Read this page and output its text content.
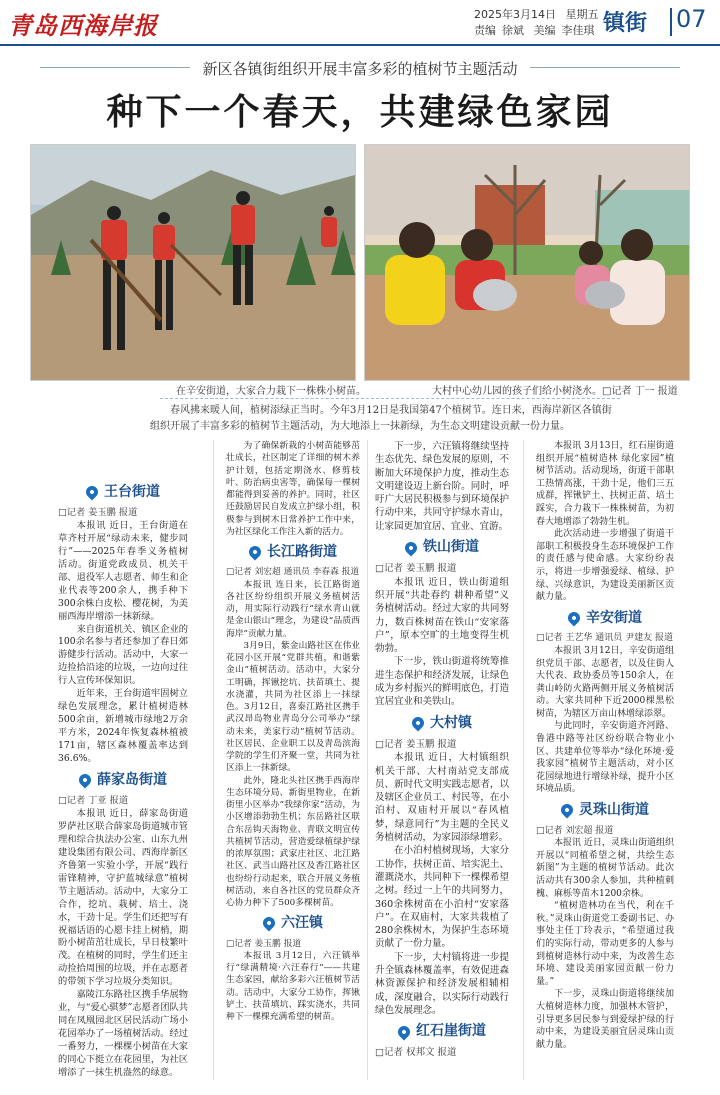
青岛西海岸报	2025年3月14日 星期五
责编 徐斌 美编 李佳琪 镇街 07
新区各镇街组织开展丰富多彩的植树节主题活动
种下一个春天，共建绿色家园
在辛安街道，大家合力栽下一株株小树苗。	大村中心幼儿园的孩子们给小树浇水。□记者 丁一 报道
春风拂来暖人间，植树添绿正当时。今年3月12日是我国第47个植树节。连日来，西海岸新区各镇街组织开展了丰富多彩的植树节主题活动，为大地添上一抹新绿，为生态文明建设贡献一份力量。
王台街道

□记者 姜玉鹏 报道

本报讯 近日，王台街道在草齐村开展“绿动未来，健步同行”——2025年春季义务植树活动。街道党政成员、机关干部、退役军人志愿者、师生和企业代表等200余人，携手种下300余株白皮松、樱花树，为美丽西海岸增添一抹新绿。

来自街道机关、镇区企业的100余名参与者还参加了春日郊游健步行活动。活动中，大家一边捡拾沿途的垃圾，一边向过往行人宣传环保知识。

近年来，王台街道牢固树立绿色发展理念，累计植树造林500余亩，新增城市绿地2万余平方米，2024年恢复森林植被171亩，辖区森林覆盖率达到36.6%。

薛家岛街道

□记者 丁亚 报道

本报讯 近日，薛家岛街道罗萨社区联合薛家岛街道城市管理和综合执法办公室、山东九州建设集团有限公司、西海岸新区齐鲁第一实验小学，开展“践行雷锋精神，守护蓝城绿意”植树节主题活动。活动中，大家分工合作，挖坑、栽树、培土、浇水，干劲十足。学生们还把写有祝福话语的心愿卡挂上树梢，期盼小树苗茁壮成长，早日枝繁叶茂。在植树的同时，学生们还主动捡拾周围的垃圾，并在志愿者的带领下学习垃圾分类知识。

嘉陵江东路社区携手华展物业，与“爱心骐梦”志愿者团队共同在凤凰园北区居民活动广场小花园举办了一场植树活动。经过一番努力，一棵棵小树苗在大家的同心下挺立在花园里，为社区增添了一抹生机盎然的绿意。

为了确保新栽的小树苗能够茁壮成长，社区制定了详细的树木养护计划，包括定期浇水、修剪枝叶、防治病虫害等，确保每一棵树都能得到妥善的养护。同时，社区还鼓励居民自发成立护绿小组，积极参与到树木日常养护工作中来，为社区绿化工作注入新的活力。

长江路街道

□记者 刘宏超 通讯员 李春森 报道

本报讯 连日来，长江路街道各社区纷纷组织开展义务植树活动，用实际行动践行“绿水青山就是金山银山”理念，为建设“品质西海岸”贡献力量。

3月9日，紫金山路社区在伟业花园小区开展“党群共植，和谐紫金山”植树活动。活动中，大家分工明确，挥锹挖坑、扶苗填土、提水浇灌，共同为社区添上一抹绿色。3月12日，喜泰江路社区携手武汉昂岛物业青岛分公司举办“绿动未来，美家行动”植树节活动。社区居民、企业职工以及青岛滨海学院的学生们齐聚一堂，共同为社区添上一抹新绿。

此外，隆北头社区携手西海岸生态环境分局、新街里物业，在新街里小区举办“我绿你家”活动，为小区增添勃勃生机；东岳路社区联合东岳钩天海物业、青联文明宣传共植树节活动，营造爱绿植绿护绿的浓厚氛围；武家庄社区、北江路社区、武当山路社区及香江路社区也纷纷行动起来，联合开展义务植树活动，来自各社区的党员群众齐心协力种下了500多棵树苗。

六汪镇

□记者 姜玉鹏 报道

本报讯 3月12日，六汪镇举行“绿满精境·六汪春行”——共建生态家园，献给多彩六汪植树节活动。活动中，大家分工协作，挥锹铲土、扶苗填坑、踩实浇水，共同种下一棵棵充满希望的树苗。

下一步，六汪镇将继续坚持生态优先、绿色发展的原则，不断加大环境保护力度，推动生态文明建设迈上新台阶。同时，呼吁广大居民积极参与到环境保护行动中来，共同守护绿水青山，让家园更加宜居、宜业、宜游。

铁山街道

□记者 姜玉鹏 报道

本报讯 近日，铁山街道组织开展“共赴春约 耕种希望”义务植树活动。经过大家的共同努力，数百株树苗在铁山“安家落户”，原本空旷的土地变得生机勃勃。

下一步，铁山街道将统筹推进生态保护和经济发展，让绿色成为乡村振兴的鲜明底色，打造宜居宜业和美铁山。

大村镇

□记者 姜玉鹏 报道

本报讯 近日，大村镇组织机关干部、大村南站党支部成员、新时代文明实践志愿者，以及辖区企业员工、村民等，在小泊村、双庙村开展以“春风植梦，绿意同行”为主题的全民义务植树活动，为家园添绿增彩。

在小泊村植树现场，大家分工协作，扶树正苗、培实泥土、灌溉浇水，共同种下一棵棵希望之树。经过一上午的共同努力，360余株树苗在小泊村“安家落户”。在双庙村，大家共栽植了280余株树木，为保护生态环境贡献了一份力量。

下一步，大村镇将进一步提升全镇森林覆盖率，有效促进森林资源保护和经济发展相辅相成，深度融合，以实际行动践行绿色发展理念。

红石崖街道

□记者 权邦文 报道

本报讯 3月13日，红石崖街道组织开展“植树造林 绿化家园”植树节活动。活动现场，街道干部职工热情高涨，干劲十足，他们三五成群，挥锹铲土、扶树正苗、培土踩实，合力栽下一株株树苗，为初春大地增添了勃勃生机。

此次活动进一步增强了街道干部职工积极投身生态环境保护工作的责任感与使命感。大家纷纷表示，将进一步增强爱绿、植绿、护绿、兴绿意识，为建设美丽新区贡献力量。

辛安街道

□记者 王艺华 通讯员 尹建友 报道

本报讯 3月12日，辛安街道组织党员干部、志愿者，以及住街人大代表、政协委员等150余人，在龚山岭防火路两侧开展义务植树活动。大家共同种下近2000棵黑松树苗，为辖区万亩山林增绿添翠。

与此同时，辛安街道齐河路、鲁港中路等社区纷纷联合物业小区、共建单位等举办“绿化环境·爱我家园”植树节主题活动，对小区花园绿地进行增绿补绿，提升小区环境品质。

灵珠山街道

□记者 刘宏超 报道

本报讯 近日，灵珠山街道组织开展以“同植希望之树，共绘生态新图”为主题的植树节活动。此次活动共有300余人参加，共种植刺槐、麻栎等苗木1200余株。

“植树造林功在当代，利在千秋。”灵珠山街道党工委副书记、办事处主任丁玲表示，“希望通过我们的实际行动，带动更多的人参与到植树造林行动中来，为改善生态环境、建设美丽家园贡献一份力量。”

下一步，灵珠山街道将继续加大植树造林力度，加强林木管护，引导更多居民参与到爱绿护绿的行动中来，为建设美丽宜居灵珠山贡献力量。
